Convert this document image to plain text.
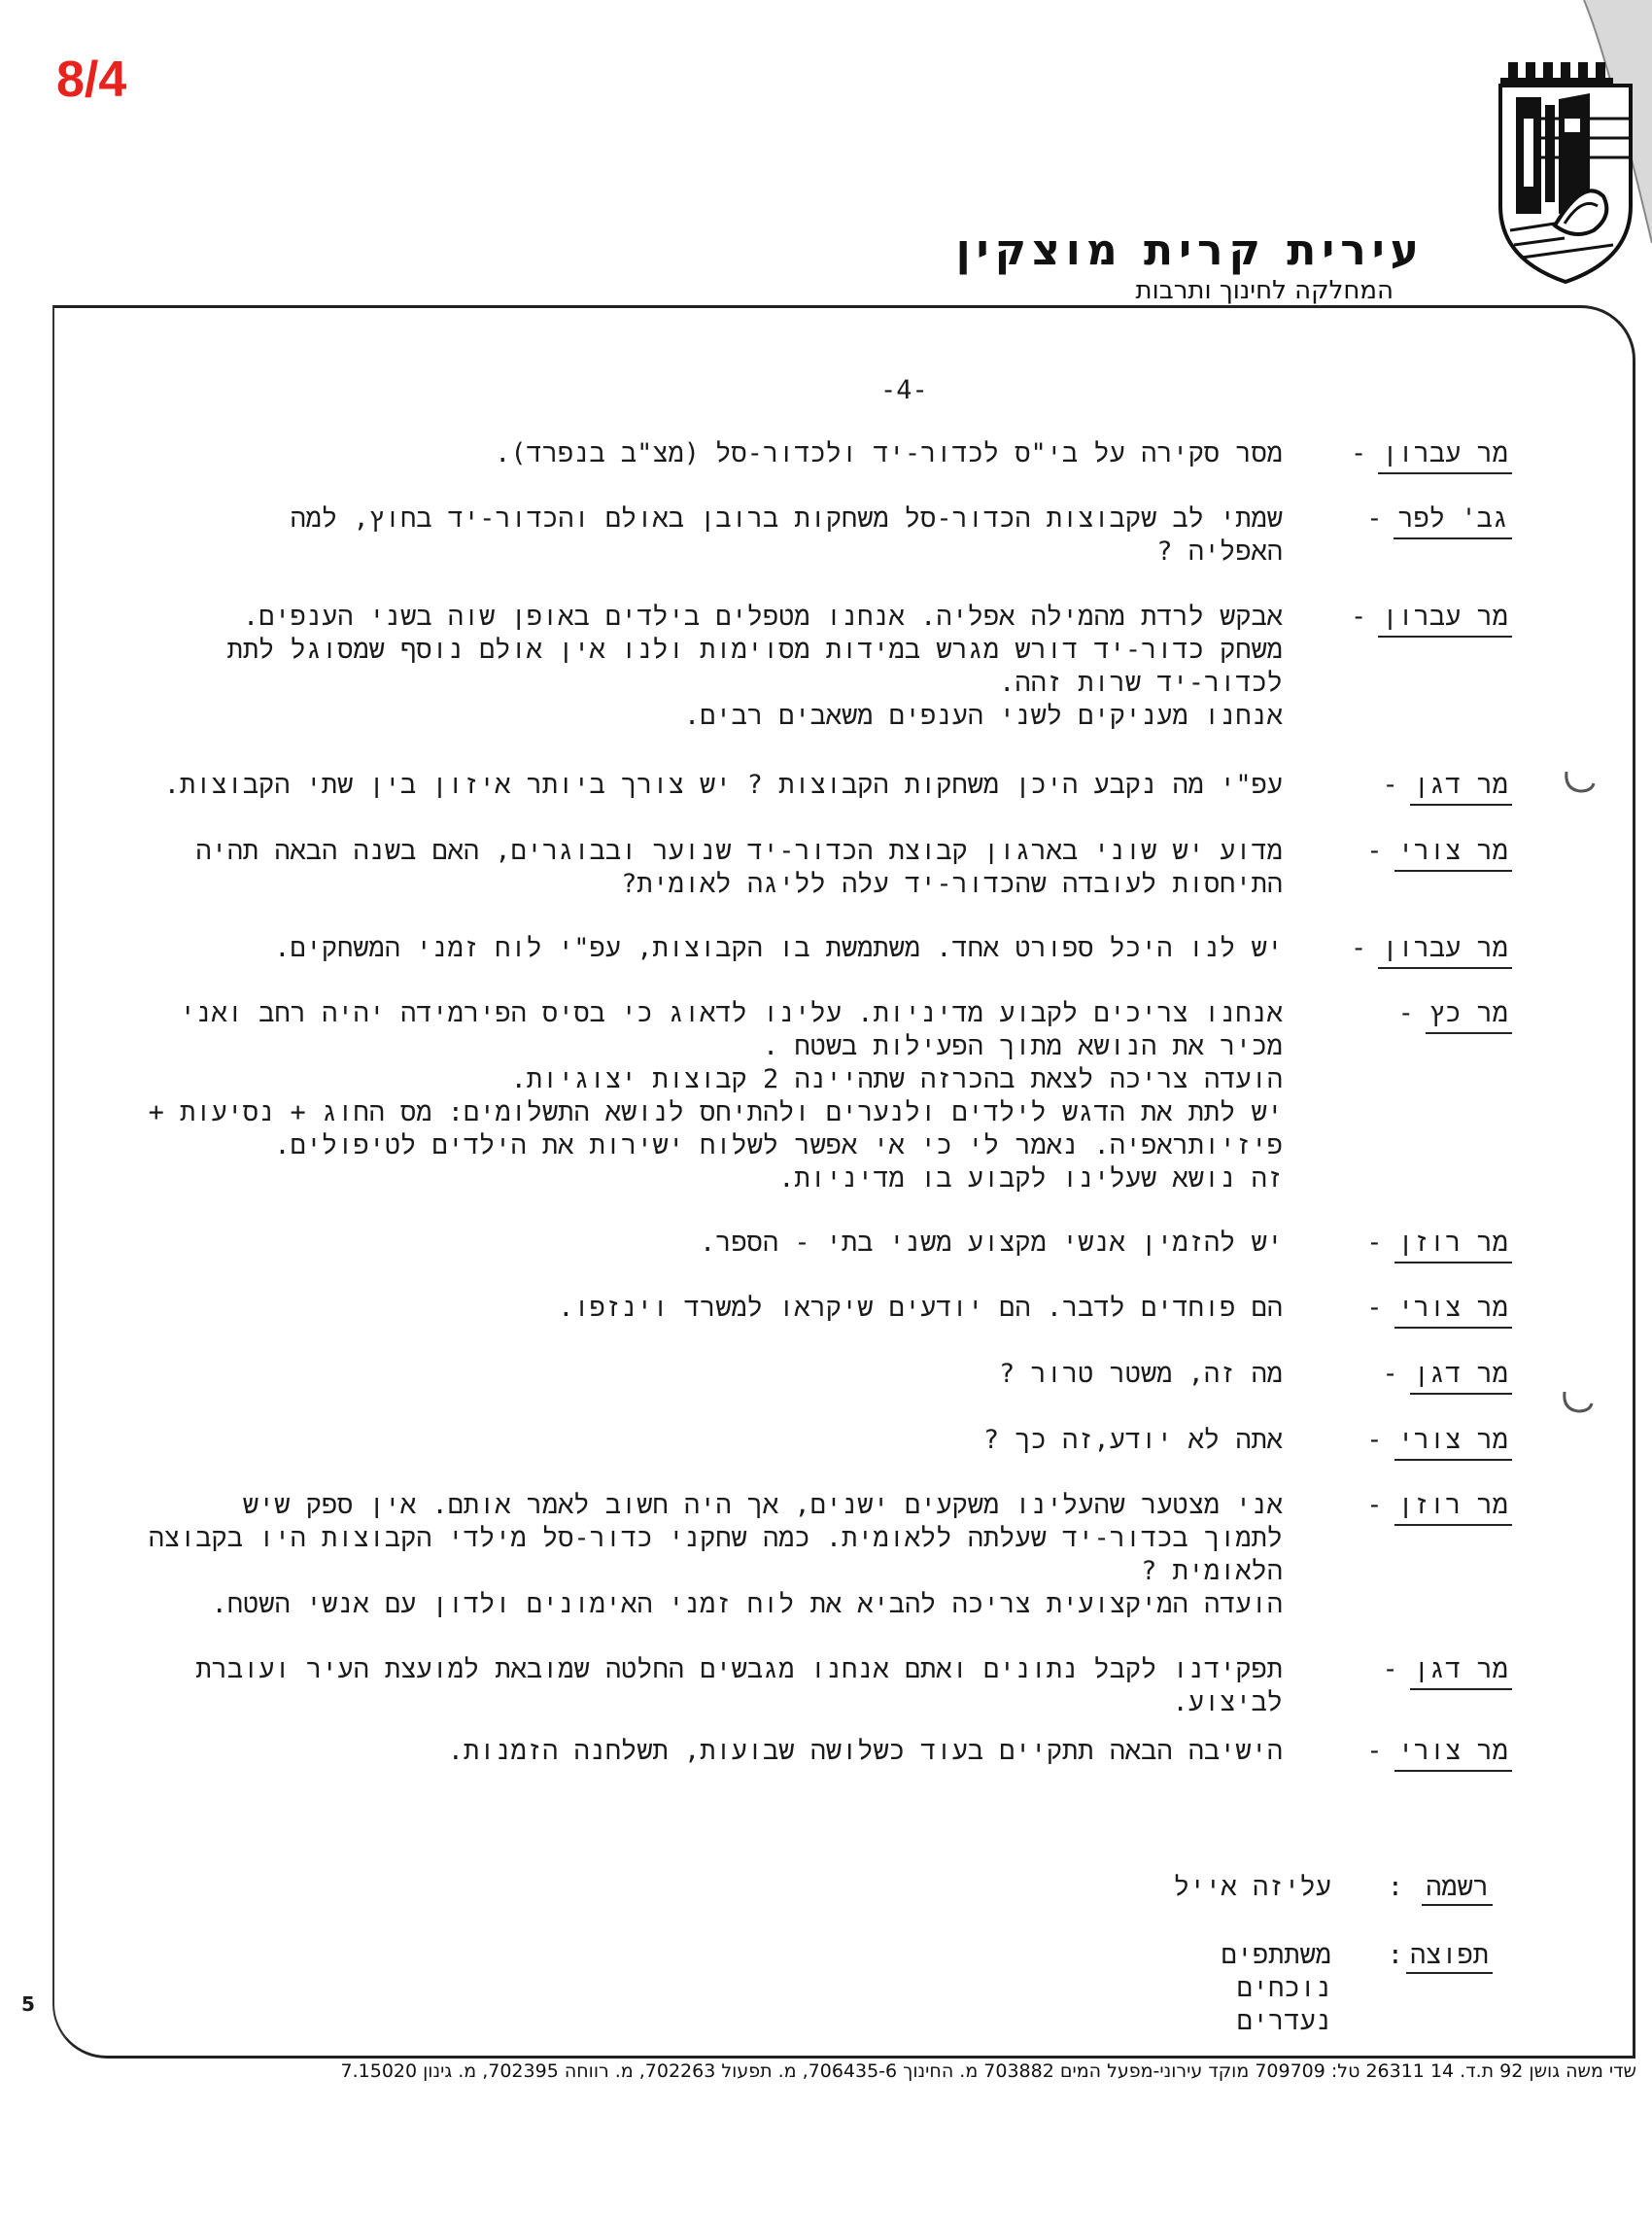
8/4
עירית קרית מוצקין
המחלקה לחינוך ותרבות
5
-4-
מר עברון-
מסר סקירה על בי"ס לכדור-יד ולכדור-סל (מצ"ב בנפרד).
גב' לפר-
שמתי לב שקבוצות הכדור-סל משחקות ברובן באולם והכדור-יד בחוץ, למה
האפליה ?
מר עברון-
אבקש לרדת מהמילה אפליה. אנחנו מטפלים בילדים באופן שוה בשני הענפים.
משחק כדור-יד דורש מגרש במידות מסוימות ולנו אין אולם נוסף שמסוגל לתת
לכדור-יד שרות זהה.
אנחנו מעניקים לשני הענפים משאבים רבים.
מר דגן-
עפ"י מה נקבע היכן משחקות הקבוצות ? יש צורך ביותר איזון בין שתי הקבוצות.
מר צורי-
מדוע יש שוני בארגון קבוצת הכדור-יד שנוער ובבוגרים, האם בשנה הבאה תהיה
התיחסות לעובדה שהכדור-יד עלה לליגה לאומית?
מר עברון-
יש לנו היכל ספורט אחד. משתמשת בו הקבוצות, עפ"י לוח זמני המשחקים.
מר כץ-
אנחנו צריכים לקבוע מדיניות. עלינו לדאוג כי בסיס הפירמידה יהיה רחב ואני
מכיר את הנושא מתוך הפעילות בשטח .
הועדה צריכה לצאת בהכרזה שתהיינה 2 קבוצות יצוגיות.
יש לתת את הדגש לילדים ולנערים ולהתיחס לנושא התשלומים: מס החוג + נסיעות +
פיזיותראפיה. נאמר לי כי אי אפשר לשלוח ישירות את הילדים לטיפולים.
זה נושא שעלינו לקבוע בו מדיניות.
מר רוזן-
יש להזמין אנשי מקצוע משני בתי - הספר.
מר צורי-
הם פוחדים לדבר. הם יודעים שיקראו למשרד וינזפו.
מר דגן-
מה זה, משטר טרור ?
מר צורי-
אתה לא יודע,זה כך ?
מר רוזן-
אני מצטער שהעלינו משקעים ישנים, אך היה חשוב לאמר אותם. אין ספק שיש
לתמוך בכדור-יד שעלתה ללאומית. כמה שחקני כדור-סל מילדי הקבוצות היו בקבוצה
הלאומית ?
הועדה המיקצועית צריכה להביא את לוח זמני האימונים ולדון עם אנשי השטח.
מר דגן-
תפקידנו לקבל נתונים ואתם אנחנו מגבשים החלטה שמובאת למועצת העיר ועוברת
לביצוע.
מר צורי-
הישיבה הבאה תתקיים בעוד כשלושה שבועות, תשלחנה הזמנות.
רשמה
:
עליזה אייל
תפוצה
:
משתתפים
נוכחים
נעדרים
שדי משה גושן 92 ת.ד. 14 26311 טל: 709709 מוקד עירוני-מפעל המים 703882 מ. החינוך 706435-6, מ. תפעול 702263, מ. רווחה 702395, מ. גינון 7.15020
